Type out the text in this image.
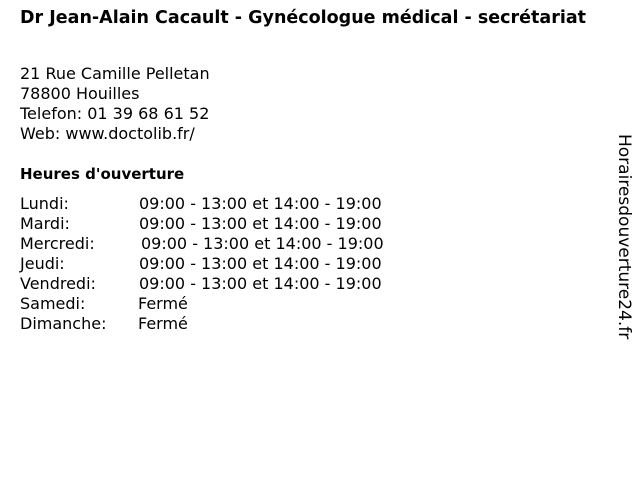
Dr Jean-Alain Cacault - Gynécologue médical - secrétariat
21 Rue Camille Pelletan
78800 Houilles
Telefon: 01 39 68 61 52
Web: www.doctolib.fr/
Heures d'ouverture
Lundi:	09:00 - 13:00 et 14:00 - 19:00
Mardi:	09:00 - 13:00 et 14:00 - 19:00
Mercredi:	09:00 - 13:00 et 14:00 - 19:00
Jeudi:	09:00 - 13:00 et 14:00 - 19:00
Vendredi:	09:00 - 13:00 et 14:00 - 19:00
Samedi:	Fermé
Dimanche: Fermé	Horairesdouverture24.fr
